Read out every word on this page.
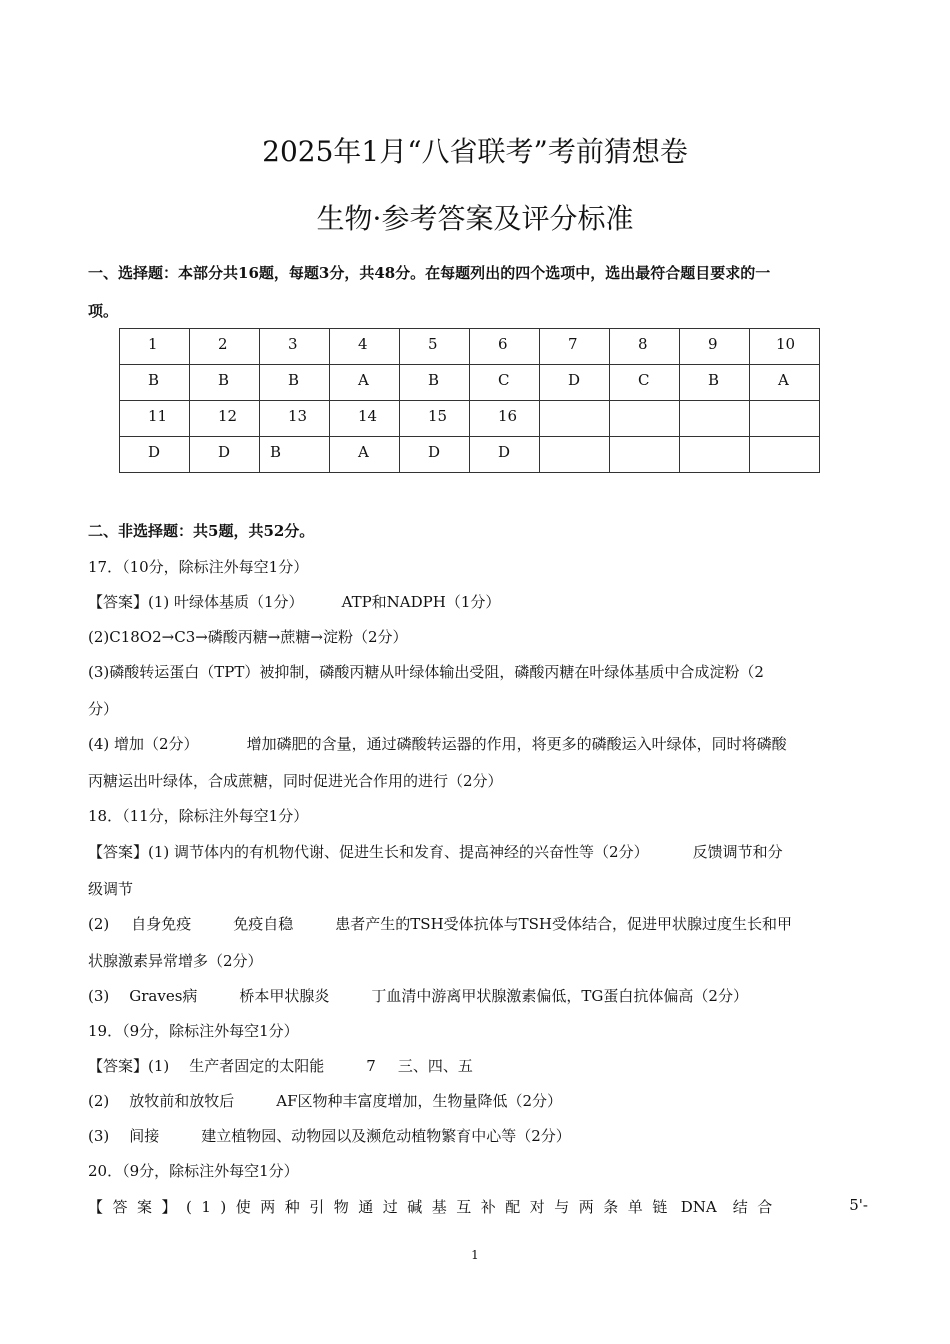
2025年1月“八省联考”考前猜想卷
生物·参考答案及评分标准
一、选择题：本部分共16题，每题3分，共48分。在每题列出的四个选项中，选出最符合题目要求的一
项。
1	2	3	4	5	6	7	8	9	10
B	B	B	A	B	C	D	C	B	A
11	12	13	14	15	16				
D	D	B	A	D	D				
二、非选择题：共5题，共52分。
17．（10分，除标注外每空1分）
【答案】(1) 叶绿体基质（1分）	ATP和NADPH（1分）
(2)C18O2→C3→磷酸丙糖→蔗糖→淀粉（2分）
(3)磷酸转运蛋白（TPT）被抑制，磷酸丙糖从叶绿体输出受阻，磷酸丙糖在叶绿体基质中合成淀粉（2
分）
(4) 增加（2分）	增加磷肥的含量，通过磷酸转运器的作用，将更多的磷酸运入叶绿体，同时将磷酸
丙糖运出叶绿体，合成蔗糖，同时促进光合作用的进行（2分）
18．（11分，除标注外每空1分）
【答案】(1) 调节体内的有机物代谢、促进生长和发育、提高神经的兴奋性等（2分）	反馈调节和分
级调节
(2) 自身免疫	免疫自稳	患者产生的TSH受体抗体与TSH受体结合，促进甲状腺过度生长和甲
状腺激素异常增多（2分）
(3) Graves病	桥本甲状腺炎	丁血清中游离甲状腺激素偏低，TG蛋白抗体偏高（2分）
19．（9分，除标注外每空1分）
【答案】(1) 生产者固定的太阳能	7 三、四、五
(2) 放牧前和放牧后	AF区物种丰富度增加，生物量降低（2分）
(3) 间接	建立植物园、动物园以及濒危动植物繁育中心等（2分）
20．（9分，除标注外每空1分）
【答案】(1)使两种引物通过碱基互补配对与两条单链 DNA 结合	5'-
1
